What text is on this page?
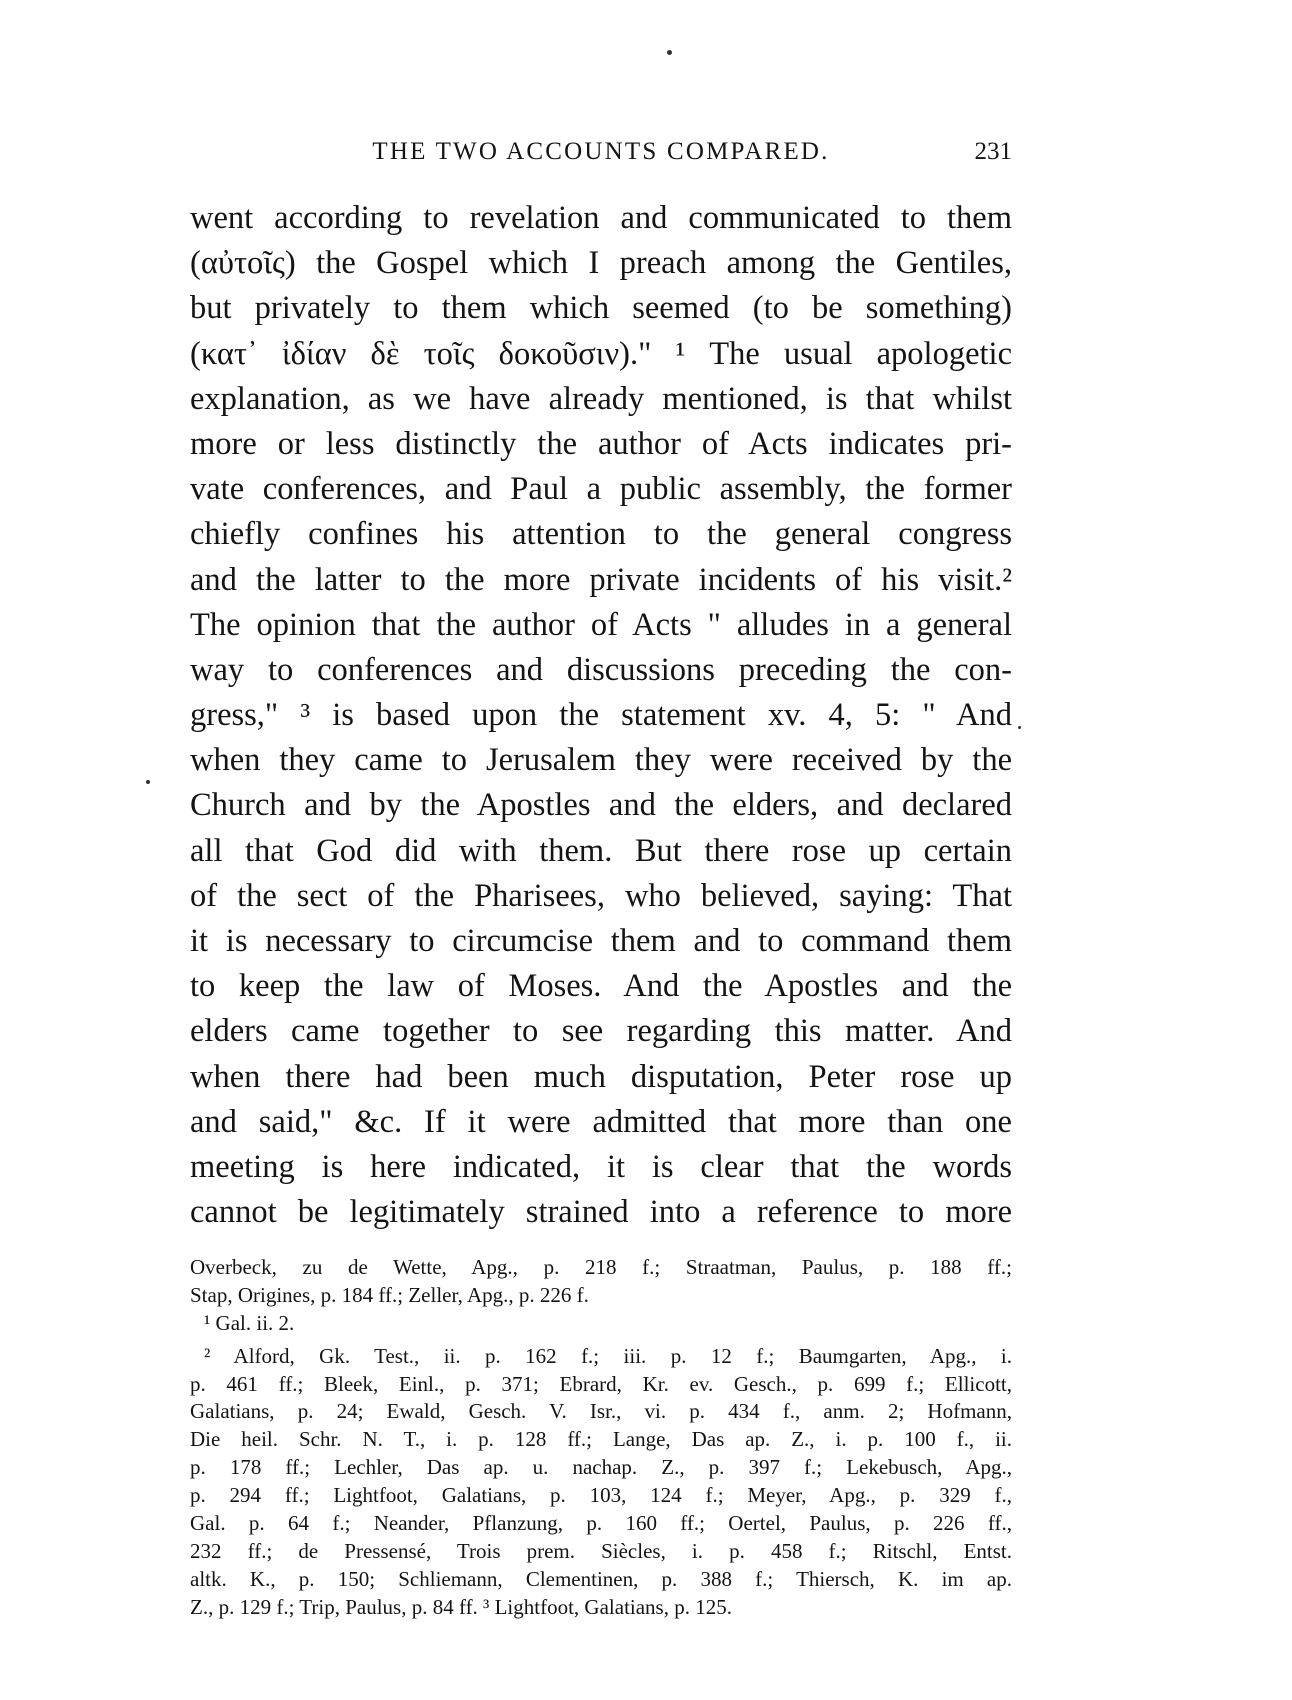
THE TWO ACCOUNTS COMPARED.	231
went according to revelation and communicated to them
(αὐτοῖς) the Gospel which I preach among the Gentiles,
but privately to them which seemed (to be something)
(κατ᾽ ἰδίαν δὲ τοῖς δοκοῦσιν)." ¹ The usual apologetic
explanation, as we have already mentioned, is that whilst
more or less distinctly the author of Acts indicates pri-
vate conferences, and Paul a public assembly, the former
chiefly confines his attention to the general congress
and the latter to the more private incidents of his visit.²
The opinion that the author of Acts " alludes in a general
way to conferences and discussions preceding the con-
gress," ³ is based upon the statement xv. 4, 5: " And
when they came to Jerusalem they were received by the
Church and by the Apostles and the elders, and declared
all that God did with them. But there rose up certain
of the sect of the Pharisees, who believed, saying: That
it is necessary to circumcise them and to command them
to keep the law of Moses. And the Apostles and the
elders came together to see regarding this matter. And
when there had been much disputation, Peter rose up
and said," &c. If it were admitted that more than one
meeting is here indicated, it is clear that the words
cannot be legitimately strained into a reference to more
Overbeck, zu de Wette, Apg., p. 218 f.; Straatman, Paulus, p. 188 ff.;
Stap, Origines, p. 184 ff.; Zeller, Apg., p. 226 f.
¹ Gal. ii. 2.
² Alford, Gk. Test., ii. p. 162 f.; iii. p. 12 f.; Baumgarten, Apg., i.
p. 461 ff.; Bleek, Einl., p. 371; Ebrard, Kr. ev. Gesch., p. 699 f.; Ellicott,
Galatians, p. 24; Ewald, Gesch. V. Isr., vi. p. 434 f., anm. 2; Hofmann,
Die heil. Schr. N. T., i. p. 128 ff.; Lange, Das ap. Z., i. p. 100 f., ii.
p. 178 ff.; Lechler, Das ap. u. nachap. Z., p. 397 f.; Lekebusch, Apg.,
p. 294 ff.; Lightfoot, Galatians, p. 103, 124 f.; Meyer, Apg., p. 329 f.,
Gal. p. 64 f.; Neander, Pflanzung, p. 160 ff.; Oertel, Paulus, p. 226 ff.,
232 ff.; de Pressensé, Trois prem. Siècles, i. p. 458 f.; Ritschl, Entst.
altk. K., p. 150; Schliemann, Clementinen, p. 388 f.; Thiersch, K. im ap.
Z., p. 129 f.; Trip, Paulus, p. 84 ff. ³ Lightfoot, Galatians, p. 125.
